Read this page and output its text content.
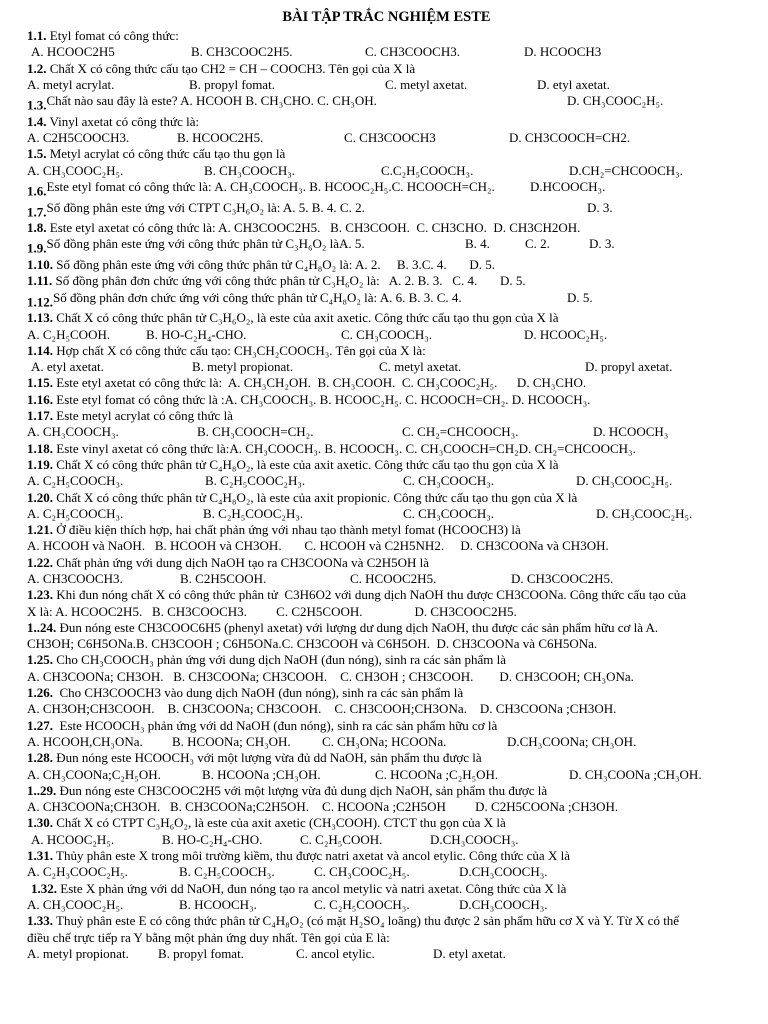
BÀI TẬP TRẮC NGHIỆM ESTE
1.1. Etyl fomat có công thức:
A. HCOOC2H5	B. CH3COOC2H5.	C. CH3COOCH3.	D. HCOOCH3
1.2. Chất X có công thức cấu tạo CH2 = CH – COOCH3. Tên gọi của X là
A. metyl acrylat.	B. propyl fomat.	C. metyl axetat.	D. etyl axetat.
1.3.Chất nào sau đây là este? A. HCOOH B. CH₃CHO. C. CH₃OH.	D. CH₃COOC₂H₅.
1.4. Vinyl axetat có công thức là:
A. C2H5COOCH3.	B. HCOOC2H5.	C. CH3COOCH3	D. CH3COOCH=CH2.
1.5. Metyl acrylat có công thức cấu tạo thu gọn là
A. CH₃COOC₂H₅.	B. CH₃COOCH₃.	C.C₂H₅COOCH₃.	D.CH₂=CHCOOCH₃.
1.6.Este etyl fomat có công thức là: A. CH₃COOCH₃. B. HCOOC₂H₅.C. HCOOCH=CH₂.	D.HCOOCH₃.
1.7.Số đồng phân este ứng với CTPT C₃H₆O₂ là: A. 5. B. 4. C. 2.	D. 3.
1.8. Este etyl axetat có công thức là: A. CH3COOC2H5.   B. CH3COOH.  C. CH3CHO.  D. CH3CH2OH.
1.9.Số đồng phân este ứng với công thức phân tử C₃H₆O₂ làA. 5.	B. 4.	C. 2.	D. 3.
1.10. Số đồng phân este ứng với công thức phân tử C₄H₈O₂ là: A. 2.     B. 3.C. 4.       D. 5.
1.11. Số đồng phân đơn chức ứng với công thức phân tử C₃H₆O₂ là:   A. 2. B. 3.   C. 4.       D. 5.
1.12.Số đồng phân đơn chức ứng với công thức phân tử C₄H₈O₂ là: A. 6. B. 3. C. 4.	D. 5.
1.13. Chất X có công thức phân tử C₃H₆O₂, là este của axit axetic. Công thức cấu tạo thu gọn của X là
A. C₂H₅COOH.	B. HO-C₂H₄-CHO.	C. CH₃COOCH₃.	D. HCOOC₂H₅.
1.14. Hợp chất X có công thức cấu tạo: CH₃CH₂COOCH₃. Tên gọi của X là:
A. etyl axetat.	B. metyl propionat.	C. metyl axetat.	D. propyl axetat.
1.15. Este etyl axetat có công thức là:  A. CH₃CH₂OH.  B. CH₃COOH.  C. CH₃COOC₂H₅.      D. CH₃CHO.
1.16. Este etyl fomat có công thức là :A. CH₃COOCH₃. B. HCOOC₂H₅. C. HCOOCH=CH₂. D. HCOOCH₃.
1.17. Este metyl acrylat có công thức là
A. CH₃COOCH₃.	B. CH₃COOCH=CH₂.	C. CH₂=CHCOOCH₃.	D. HCOOCH₃
1.18. Este vinyl axetat có công thức là:A. CH₃COOCH₃. B. HCOOCH₃. C. CH₃COOCH=CH₂D. CH₂=CHCOOCH₃.
1.19. Chất X có công thức phân tử C₄H₈O₂, là este của axit axetic. Công thức cấu tạo thu gọn của X là
A. C₂H₅COOCH₃.	B. C₂H₅COOC₂H₃.	C. CH₃COOCH₃.	D. CH₃COOC₂H₅.
1.20. Chất X có công thức phân tử C₄H₈O₂, là este của axit propionic. Công thức cấu tạo thu gọn của X là
A. C₂H₅COOCH₃.	B. C₂H₅COOC₂H₃.	C. CH₃COOCH₃.	D. CH₃COOC₂H₅.
1.21. Ở điều kiện thích hợp, hai chất phản ứng với nhau tạo thành metyl fomat (HCOOCH3) là
A. HCOOH và NaOH.   B. HCOOH và CH3OH.       C. HCOOH và C2H5NH2.     D. CH3COONa và CH3OH.
1.22. Chất phản ứng với dung dịch NaOH tạo ra CH3COONa và C2H5OH là
A. CH3COOCH3.	B. C2H5COOH.	C. HCOOC2H5.	D. CH3COOC2H5.
1.23. Khi đun nóng chất X có công thức phân tử  C3H6O2 với dung dịch NaOH thu được CH3COONa. Công thức cấu tạo của
X là: A. HCOOC2H5.   B. CH3COOCH3.         C. C2H5COOH.                D. CH3COOC2H5.
1..24. Đun nóng este CH3COOC6H5 (phenyl axetat) với lượng dư dung dịch NaOH, thu được các sản phẩm hữu cơ là A.
CH3OH; C6H5ONa.B. CH3COOH ; C6H5ONa.C. CH3COOH và C6H5OH.  D. CH3COONa và C6H5ONa.
1.25. Cho CH₃COOCH₃ phản ứng với dung dịch NaOH (đun nóng), sinh ra các sản phẩm là
A. CH3COONa; CH3OH.   B. CH3COONa; CH3COOH.    C. CH3OH ; CH3COOH.        D. CH3COOH; CH₃ONa.
1.26.  Cho CH3COOCH3 vào dung dịch NaOH (đun nóng), sinh ra các sản phẩm là
A. CH3OH;CH3COOH.    B. CH3COONa; CH3COOH.    C. CH3COOH;CH3ONa.    D. CH3COONa ;CH3OH.
1.27.  Este HCOOCH₃ phản ứng với dd NaOH (đun nóng), sinh ra các sản phẩm hữu cơ là
A. HCOOH,CH₃ONa.	B. HCOONa; CH₃OH.	C. CH₃ONa; HCOONa.	D.CH₃COONa; CH₃OH.
1.28. Đun nóng este HCOOCH₃ với một lượng vừa đủ dd NaOH, sản phẩm thu được là
A. CH₃COONa;C₂H₅OH.	B. HCOONa ;CH₃OH.	C. HCOONa ;C₂H₅OH.	D. CH₃COONa ;CH₃OH.
1..29. Đun nóng este CH3COOC2H5 với một lượng vừa đủ dung dịch NaOH, sản phẩm thu được là
A. CH3COONa;CH3OH.   B. CH3COONa;C2H5OH.    C. HCOONa ;C2H5OH         D. C2H5COONa ;CH3OH.
1.30. Chất X có CTPT C₃H₆O₂, là este của axit axetic (CH₃COOH). CTCT thu gọn của X là
A. HCOOC₂H₅.	B. HO-C₂H₄-CHO.	C. C₂H₅COOH.	D.CH₃COOCH₃.
1.31. Thủy phân este X trong môi trường kiềm, thu được natri axetat và ancol etylic. Công thức của X là
A. C₂H₃COOC₂H₅.	B. C₂H₅COOCH₃.	C. CH₃COOC₂H₅.	D.CH₃COOCH₃.
1.32. Este X phản ứng với dd NaOH, đun nóng tạo ra ancol metylic và natri axetat. Công thức của X là
A. CH₃COOC₂H₅.	B. HCOOCH₃.	C. C₂H₅COOCH₃.	D.CH₃COOCH₃.
1.33. Thuỷ phân este E có công thức phân tử C₄H₈O₂ (có mặt H₂SO₄ loãng) thu được 2 sản phẩm hữu cơ X và Y. Từ X có thể
điều chế trực tiếp ra Y bằng một phản ứng duy nhất. Tên gọi của E là:
A. metyl propionat.	B. propyl fomat.	C. ancol etylic.	D. etyl axetat.
